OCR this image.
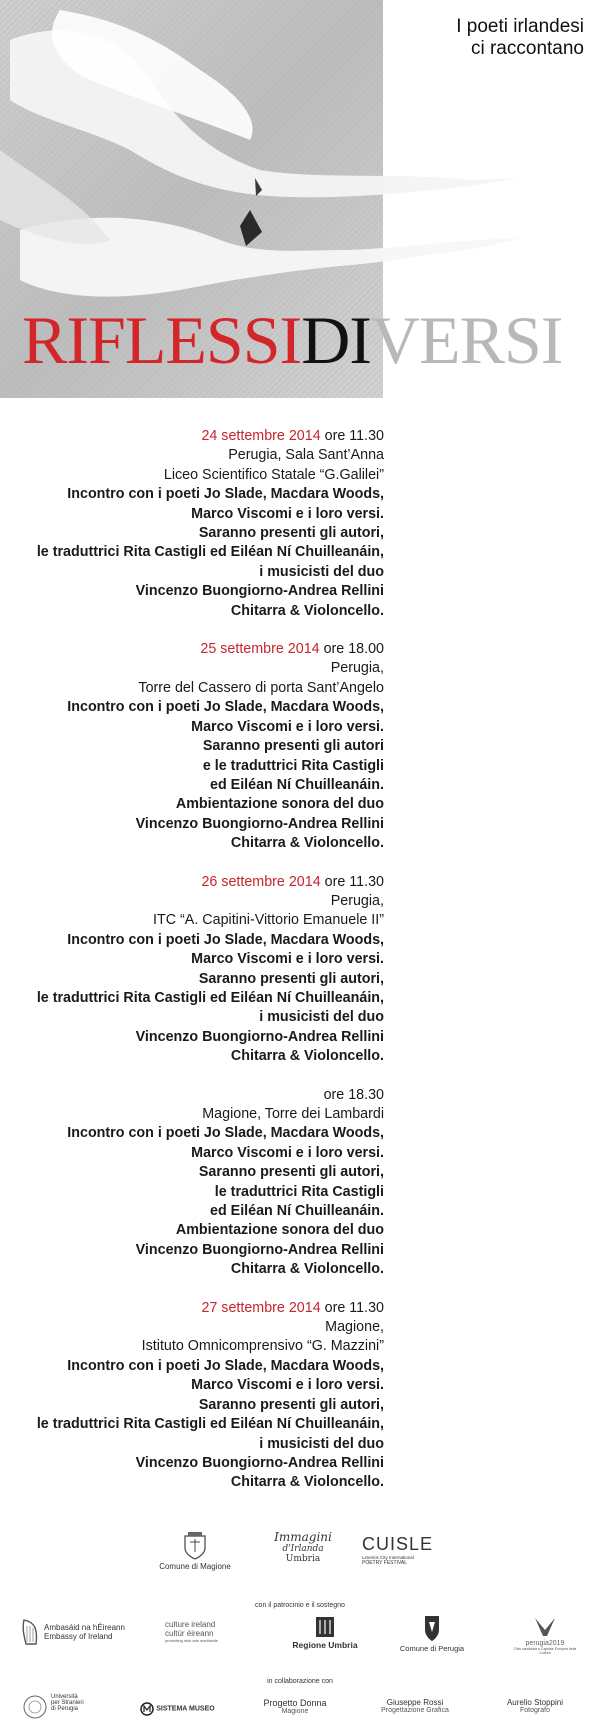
I poeti irlandesi
ci raccontano
RIFLESSIDIVERSI
24 settembre 2014 ore 11.30
Perugia, Sala Sant’Anna
Liceo Scientifico Statale “G.Galilei”
Incontro con i poeti Jo Slade, Macdara Woods,
Marco Viscomi e i loro versi.
Saranno presenti gli autori,
le traduttrici Rita Castigli ed Eiléan Ní Chuilleanáin,
i musicisti del duo
Vincenzo Buongiorno-Andrea Rellini
Chitarra & Violoncello.
25 settembre 2014 ore 18.00
Perugia,
Torre del Cassero di porta Sant’Angelo
Incontro con i poeti Jo Slade, Macdara Woods,
Marco Viscomi e i loro versi.
Saranno presenti gli autori
e le traduttrici Rita Castigli
ed Eiléan Ní Chuilleanáin.
Ambientazione sonora del duo
Vincenzo Buongiorno-Andrea Rellini
Chitarra & Violoncello.
26 settembre 2014 ore 11.30
Perugia,
ITC “A. Capitini-Vittorio Emanuele II”
Incontro con i poeti Jo Slade, Macdara Woods,
Marco Viscomi e i loro versi.
Saranno presenti gli autori,
le traduttrici Rita Castigli ed Eiléan Ní Chuilleanáin,
i musicisti del duo
Vincenzo Buongiorno-Andrea Rellini
Chitarra & Violoncello.
ore 18.30
Magione, Torre dei Lambardi
Incontro con i poeti Jo Slade, Macdara Woods,
Marco Viscomi e i loro versi.
Saranno presenti gli autori,
le traduttrici Rita Castigli
ed Eiléan Ní Chuilleanáin.
Ambientazione sonora del duo
Vincenzo Buongiorno-Andrea Rellini
Chitarra & Violoncello.
27 settembre 2014 ore 11.30
Magione,
Istituto Omnicomprensivo “G. Mazzini”
Incontro con i poeti Jo Slade, Macdara Woods,
Marco Viscomi e i loro versi.
Saranno presenti gli autori,
le traduttrici Rita Castigli ed Eiléan Ní Chuilleanáin,
i musicisti del duo
Vincenzo Buongiorno-Andrea Rellini
Chitarra & Violoncello.
Comune di Magione
Immagini
d'Irlanda
Umbria
CUISLE
Limerick City International
POETRY FESTIVAL
con il patrocinio e il sostegno
Ambasáid na hÉireann
Embassy of Ireland
culture ireland
cultúr éireann
promoting irish arts worldwide	Regione Umbria	Comune di Perugia
perugia2019
Città candidata a Capitale Europea della Cultura
in collaborazione con
Università
per Stranieri
di Perugia	SISTEMA MUSEO
Progetto Donna
Magione
Giuseppe Rossi
Progettazione Grafica
Aurelio Stoppini
Fotografo
